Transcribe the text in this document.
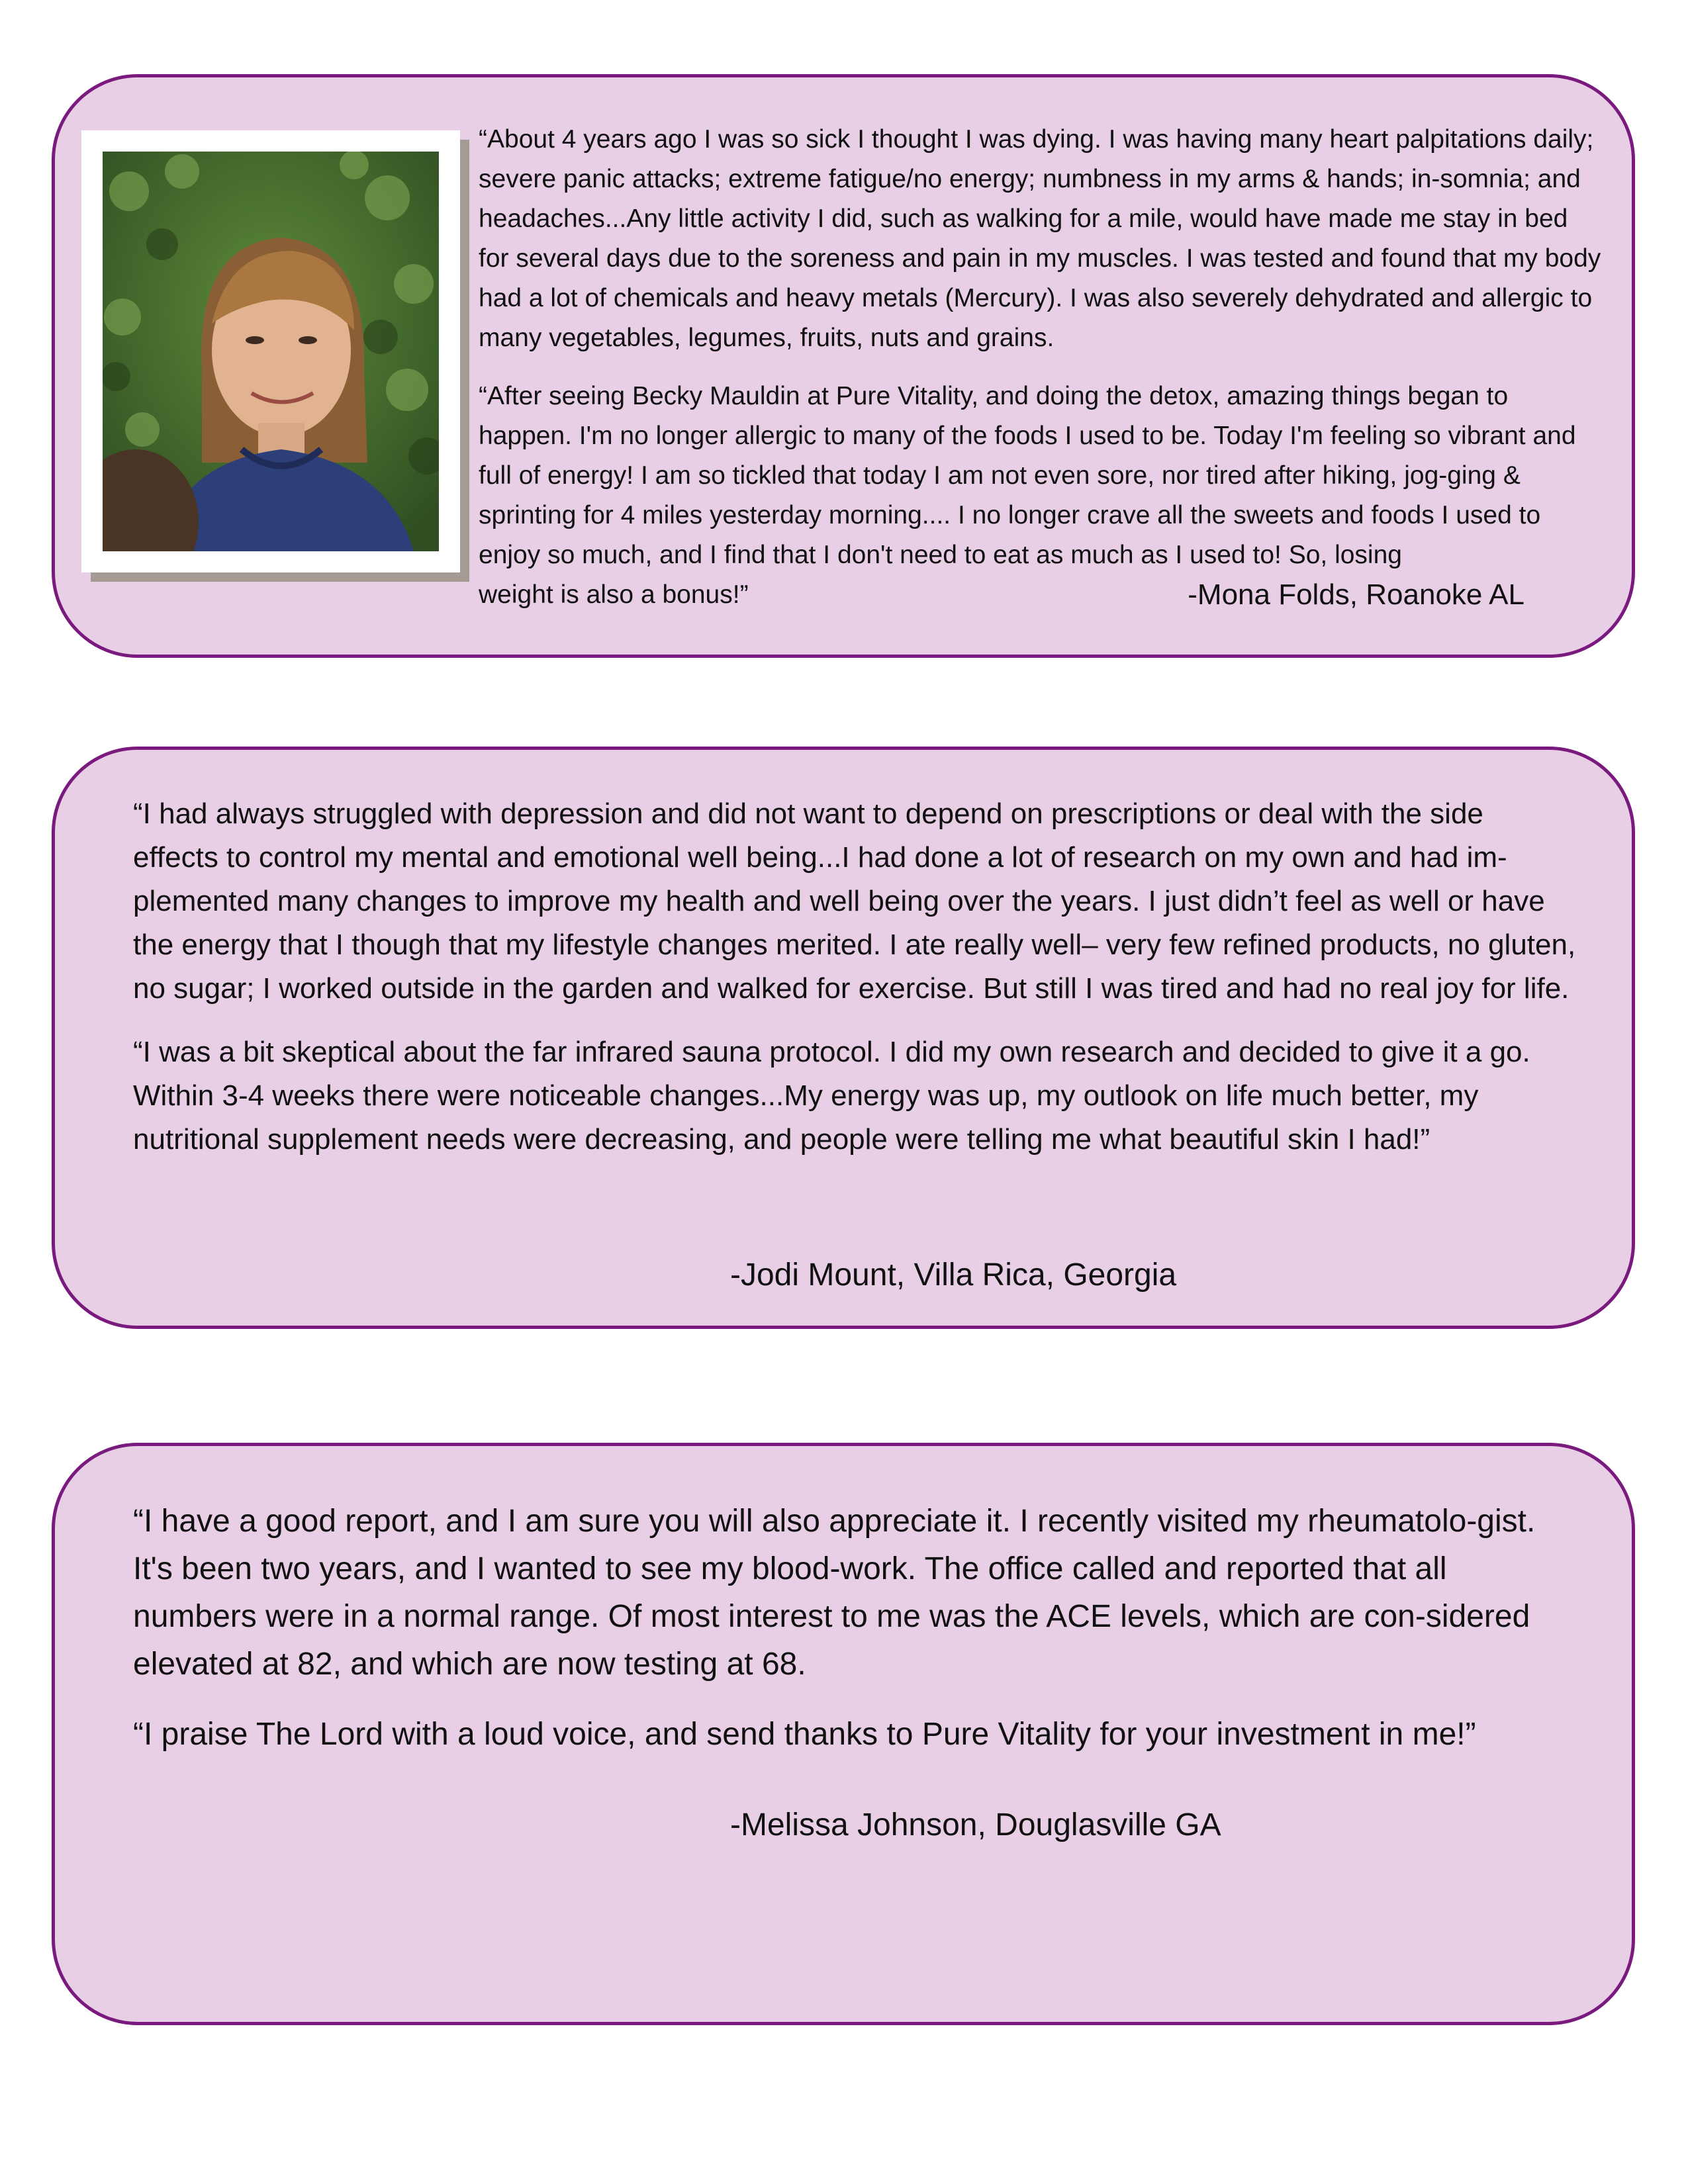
“About 4 years ago I was so sick I thought I was dying. I was having many heart palpitations daily; severe panic attacks; extreme fatigue/no energy; numbness in my arms & hands; in-somnia; and headaches...Any little activity I did, such as walking for a mile, would have made me stay in bed for several days due to the soreness and pain in my muscles. I was tested and found that my body had a lot of chemicals and heavy metals (Mercury). I was also severely dehydrated and allergic to many vegetables, legumes, fruits, nuts and grains.

“After seeing Becky Mauldin at Pure Vitality, and doing the detox, amazing things began to happen. I'm no longer allergic to many of the foods I used to be. Today I'm feeling so vibrant and full of energy! I am so tickled that today I am not even sore, nor tired after hiking, jog-ging & sprinting for 4 miles yesterday morning.... I no longer crave all the sweets and foods I used to enjoy so much, and I find that I don't need to eat as much as I used to! So, losing

weight is also a bonus!”	-Mona Folds, Roanoke AL

“I had always struggled with depression and did not want to depend on prescriptions or deal with the side effects to control my mental and emotional well being...I had done a lot of research on my own and had im-plemented many changes to improve my health and well being over the years. I just didn’t feel as well or have the energy that I though that my lifestyle changes merited. I ate really well– very few refined products, no gluten, no sugar; I worked outside in the garden and walked for exercise. But still I was tired and had no real joy for life.

“I was a bit skeptical about the far infrared sauna protocol. I did my own research and decided to give it a go. Within 3-4 weeks there were noticeable changes...My energy was up, my outlook on life much better, my nutritional supplement needs were decreasing, and people were telling me what beautiful skin I had!”

-Jodi Mount, Villa Rica, Georgia

“I have a good report, and I am sure you will also appreciate it. I recently visited my rheumatolo-gist. It's been two years, and I wanted to see my blood-work. The office called and reported that all numbers were in a normal range. Of most interest to me was the ACE levels, which are con-sidered elevated at 82, and which are now testing at 68.

“I praise The Lord with a loud voice, and send thanks to Pure Vitality for your investment in me!”

-Melissa Johnson, Douglasville GA
